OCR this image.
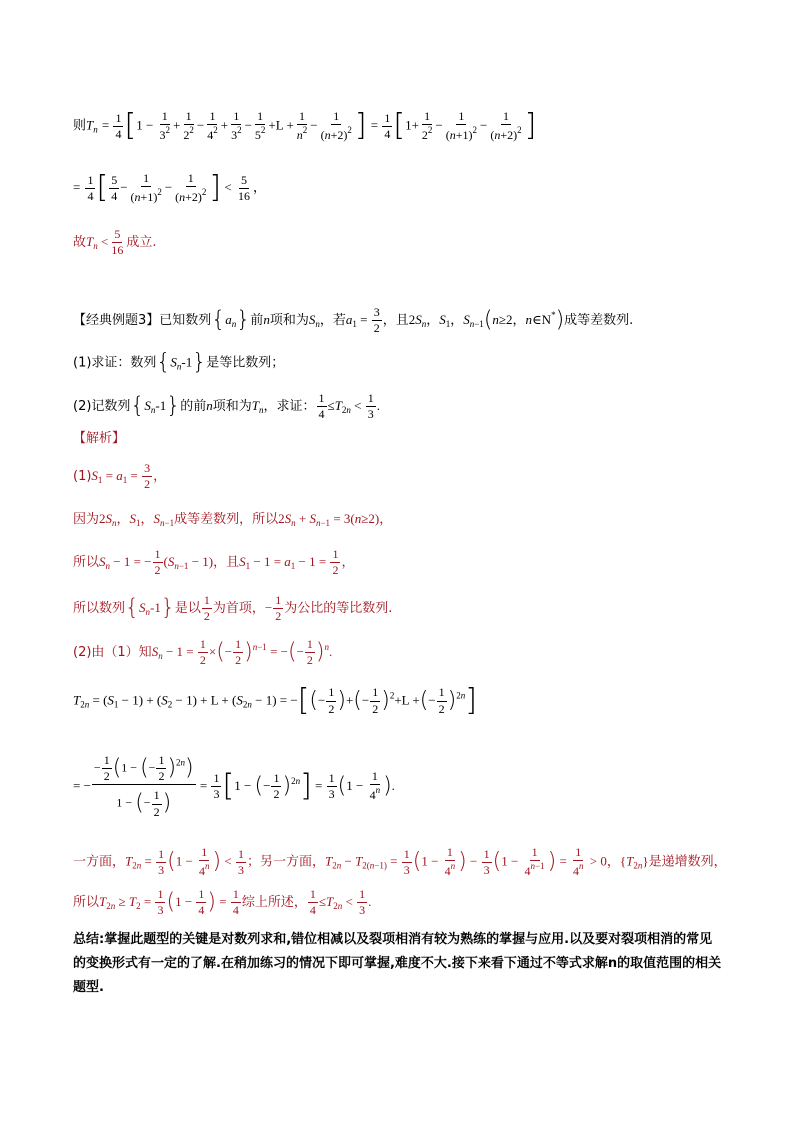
则$T_n = \frac{1}{4} [1 - \frac{1}{3^2} + \frac{1}{2^2} - \frac{1}{4^2} + \frac{1}{3^2} - \frac{1}{5^2} +L + \frac{1}{n^2} - \frac{1}{(n+2)^2}$ ] = $\frac{1}{4} [1+ \frac{1}{2^2} - \frac{1}{(n+1)^2} - \frac{1}{(n+2)^2}$ ]
= $\frac{1}{4}$ [ $\frac{5}{4} - \frac{1}{(n+1)^2} - \frac{1}{(n+2)^2}$ ] < $\frac{5}{16}$ ，
故$T_n < \frac{5}{16}$ 成立.
【经典例题3】已知数列$\{a_n\}$前n项和为$S_n$，若$a_1 = \frac{3}{2}$ ，且$2S_n$，$S_1$，$S_{n-1}(n\ge 2$，n∈N*)成等差数列.
(1)求证：数列$\{S_n-1\}$是等比数列；
(2)记数列$\{S_n-1\}$的前n项和为$T_n$，求证： $\frac{1}{4} \le T_{2n} < \frac{1}{3}$ .
【解析】
$(1)S_1 = a_1 = \frac{3}{2}$ ，
因为$2S_n$，$S_1$，$S_{n-1}$成等差数列，所以$2S_n + S_{n-1} = 3(n\ge 2)$，
所以$S_n - 1$ = − $\frac{1}{2} (S_{n-1} - 1)$，且$S_1 - 1 = a_1 - 1 = \frac{1}{2}$ ，
所以数列$\{S_n-1\}$是以 $\frac{1}{2}$ 为首项，− $\frac{1}{2}$ 为公比的等比数列.
(2)由（1）知$S_n - 1 = \frac{1}{2}$ ×(− $\frac{1}{2} )^{n-1}$ = −(− $\frac{1}{2} )^n$.
$T_{2n} = (S_1 - 1) + (S_2 - 1) + L + (S_{2n} - 1)$ = −[(− $\frac{1}{2}$ )+(− $\frac{1}{2} )^2+L$ +(− $\frac{1}{2} )^{2n}$]
= − $\frac{- \frac{1}{2} (1 - (- \frac{1}{2} )^{2n})}{1 - (- \frac{1}{2} )} = \frac{1}{3} [1$ − (− $\frac{1}{2} )^{2n}] = \frac{1}{3} (1 - \frac{1}{4^n}$ ).
一方面，$T_{2n} = \frac{1}{3} (1 - \frac{1}{4^n}$ ) < $\frac{1}{3}$ ；另一方面，$T_{2n} - T_{2(n-1)} = \frac{1}{3} (1 - \frac{1}{4^n}$ ) − $\frac{1}{3} (1 - \frac{1}{4^{n-1}}$ ) = $\frac{1}{4^n} > 0$，$\{T_{2n}\}$是递增数列，
所以$T_{2n} \ge T_2 = \frac{1}{3} (1 - \frac{1}{4}$ ) = $\frac{1}{4}$ 综上所述， $\frac{1}{4} \le T_{2n} < \frac{1}{3}$ .
总结:掌握此题型的关键是对数列求和,错位相减以及裂项相消有较为熟练的掌握与应用.以及要对裂项相消的常见的变换形式有一定的了解.在稍加练习的情况下即可掌握,难度不大.接下来看下通过不等式求解n的取值范围的相关题型.
